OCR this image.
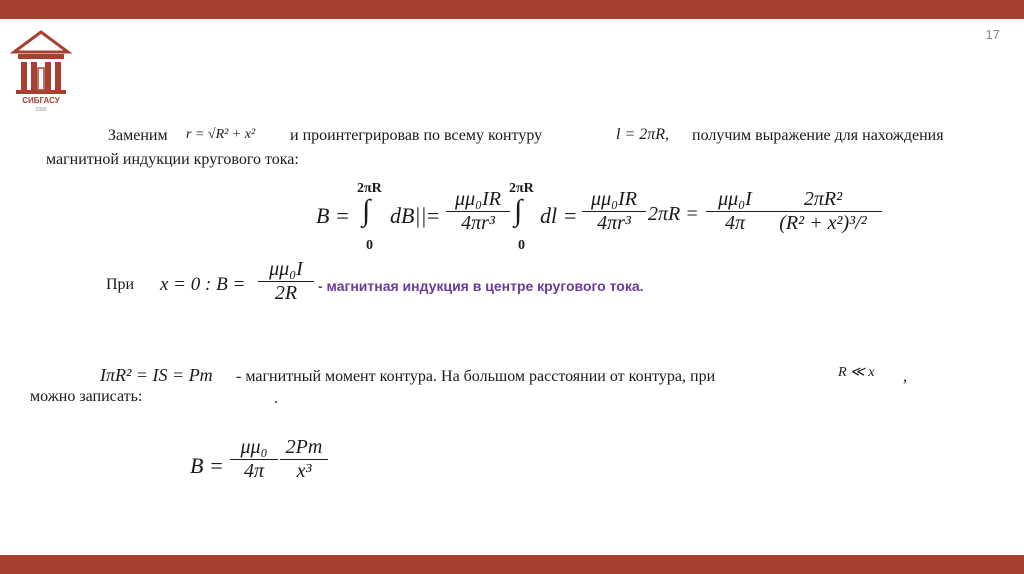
17
СИБГАСУ
1930
Заменим r = √R² + x² и проинтегрировав по всему контуру	l = 2πR, получим выражение для нахождения
магнитной индукции кругового тока:
B =
2πR
∫
0
dB|| =
μμ₀IR
4πr³
2πR
∫
0
dl =
μμ₀IR
4πr³ 2πR =
μμ₀I
4π
2πR²
(R² + x²)³/²
При x = 0 : B =
μμ₀I
2R	- магнитная индукция в центре кругового тока.
IπR² = IS = Pm - магнитный момент контура. На большом расстоянии от контура, при	R ≪ x ,
можно записать:	.
B =
μμ₀
4π
2Pm
x³
